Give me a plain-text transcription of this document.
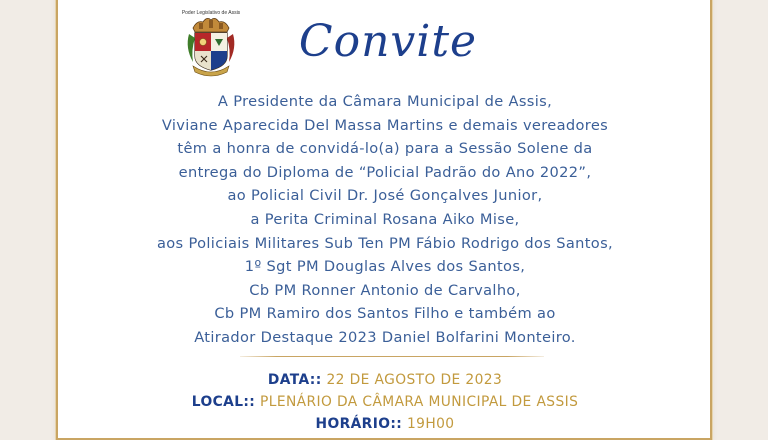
Poder Legislativo de Assis
Convite
A Presidente da Câmara Municipal de Assis,
Viviane Aparecida Del Massa Martins e demais vereadores
têm a honra de convidá-lo(a) para a Sessão Solene da
entrega do Diploma de “Policial Padrão do Ano 2022”,
ao Policial Civil Dr. José Gonçalves Junior,
a Perita Criminal Rosana Aiko Mise,
aos Policiais Militares Sub Ten PM Fábio Rodrigo dos Santos,
1º Sgt PM Douglas Alves dos Santos,
Cb PM Ronner Antonio de Carvalho,
Cb PM Ramiro dos Santos Filho e também ao
Atirador Destaque 2023 Daniel Bolfarini Monteiro.
DATA:: 22 DE AGOSTO DE 2023
LOCAL:: PLENÁRIO DA CÂMARA MUNICIPAL DE ASSIS
HORÁRIO:: 19H00
